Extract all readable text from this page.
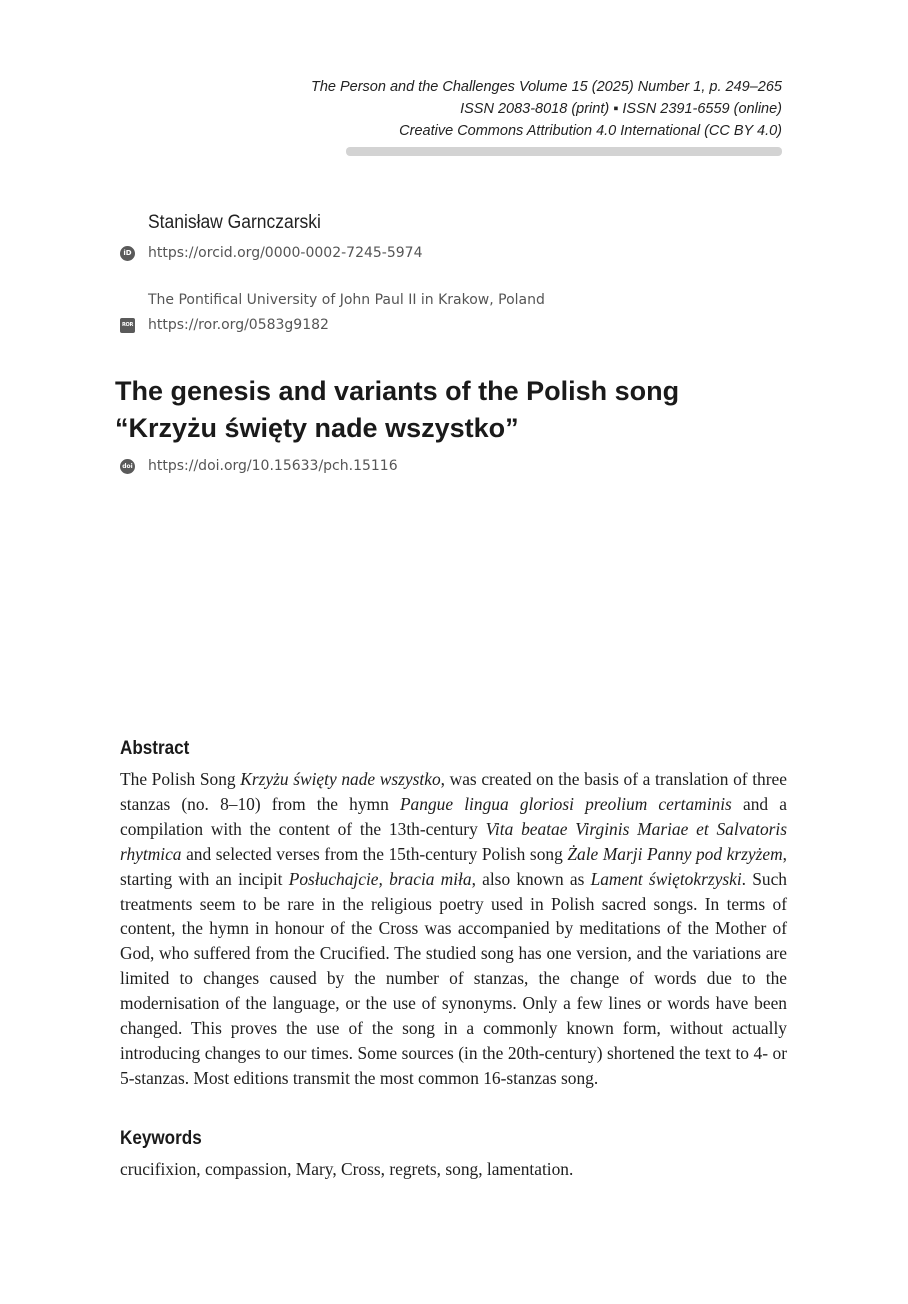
The Person and the Challenges Volume 15 (2025) Number 1, p. 249–265
ISSN 2083-8018 (print) ▪ ISSN 2391-6559 (online)
Creative Commons Attribution 4.0 International (CC BY 4.0)
Stanisław Garnczarski
iD https://orcid.org/0000-0002-7245-5974
The Pontifical University of John Paul II in Krakow, Poland
ROR https://ror.org/0583g9182
The genesis and variants of the Polish song
“Krzyżu święty nade wszystko”
doi https://doi.org/10.15633/pch.15116
Abstract

The Polish Song Krzyżu święty nade wszystko, was created on the basis of a translation of three stanzas (no. 8–10) from the hymn Pangue lingua gloriosi preolium certaminis and a compilation with the content of the 13th-century Vita beatae Virginis Mariae et Salvatoris rhytmica and selected verses from the 15th-century Polish song Żale Marji Panny pod krzyżem, starting with an incipit Posłuchajcie, bracia miła, also known as Lament świętokrzyski. Such treatments seem to be rare in the religious poetry used in Polish sacred songs. In terms of content, the hymn in honour of the Cross was accompanied by meditations of the Mother of God, who suffered from the Crucified. The studied song has one version, and the variations are limited to changes caused by the number of stanzas, the change of words due to the modernisation of the language, or the use of synonyms. Only a few lines or words have been changed. This proves the use of the song in a commonly known form, without actually introducing changes to our times. Some sources (in the 20th-century) shortened the text to 4- or 5-stanzas. Most editions transmit the most common 16-stanzas song.

Keywords
crucifixion, compassion, Mary, Cross, regrets, song, lamentation.
